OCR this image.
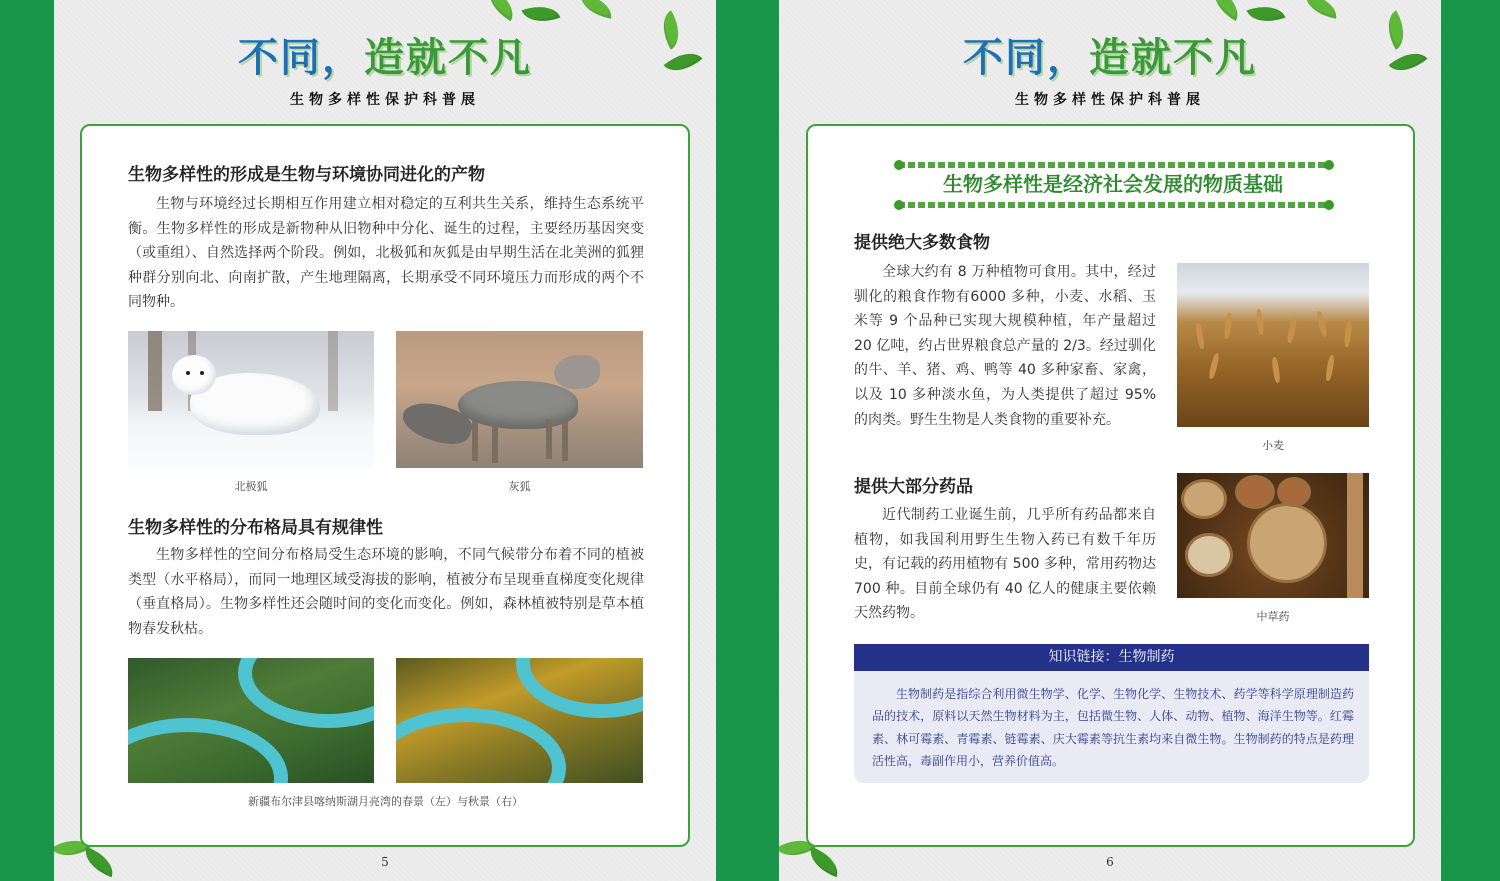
不同，造就不凡
生物多样性保护科普展
生物多样性的形成是生物与环境协同进化的产物

生物与环境经过长期相互作用建立相对稳定的互利共生关系，维持生态系统平衡。生物多样性的形成是新物种从旧物种中分化、诞生的过程，主要经历基因突变（或重组）、自然选择两个阶段。例如，北极狐和灰狐是由早期生活在北美洲的狐狸种群分别向北、向南扩散，产生地理隔离，长期承受不同环境压力而形成的两个不同物种。

北极狐	灰狐
生物多样性的分布格局具有规律性

生物多样性的空间分布格局受生态环境的影响，不同气候带分布着不同的植被类型（水平格局），而同一地理区域受海拔的影响，植被分布呈现垂直梯度变化规律（垂直格局）。生物多样性还会随时间的变化而变化。例如，森林植被特别是草本植物春发秋枯。

新疆布尔津县喀纳斯湖月亮湾的春景（左）与秋景（右）
5
不同，造就不凡
生物多样性保护科普展
生物多样性是经济社会发展的物质基础
提供绝大多数食物

全球大约有 8 万种植物可食用。其中，经过驯化的粮食作物有6000 多种，小麦、水稻、玉米等 9 个品种已实现大规模种植，年产量超过 20 亿吨，约占世界粮食总产量的 2/3。经过驯化的牛、羊、猪、鸡、鸭等 40 多种家畜、家禽，以及 10 多种淡水鱼，为人类提供了超过 95% 的肉类。野生生物是人类食物的重要补充。

小麦
提供大部分药品

近代制药工业诞生前，几乎所有药品都来自植物，如我国利用野生生物入药已有数千年历史，有记载的药用植物有 500 多种，常用药物达 700 种。目前全球仍有 40 亿人的健康主要依赖天然药物。	中草药
知识链接：生物制药

生物制药是指综合利用微生物学、化学、生物化学、生物技术、药学等科学原理制造药品的技术，原料以天然生物材料为主，包括微生物、人体、动物、植物、海洋生物等。红霉素、林可霉素、青霉素、链霉素、庆大霉素等抗生素均来自微生物。生物制药的特点是药理活性高，毒副作用小，营养价值高。

6
